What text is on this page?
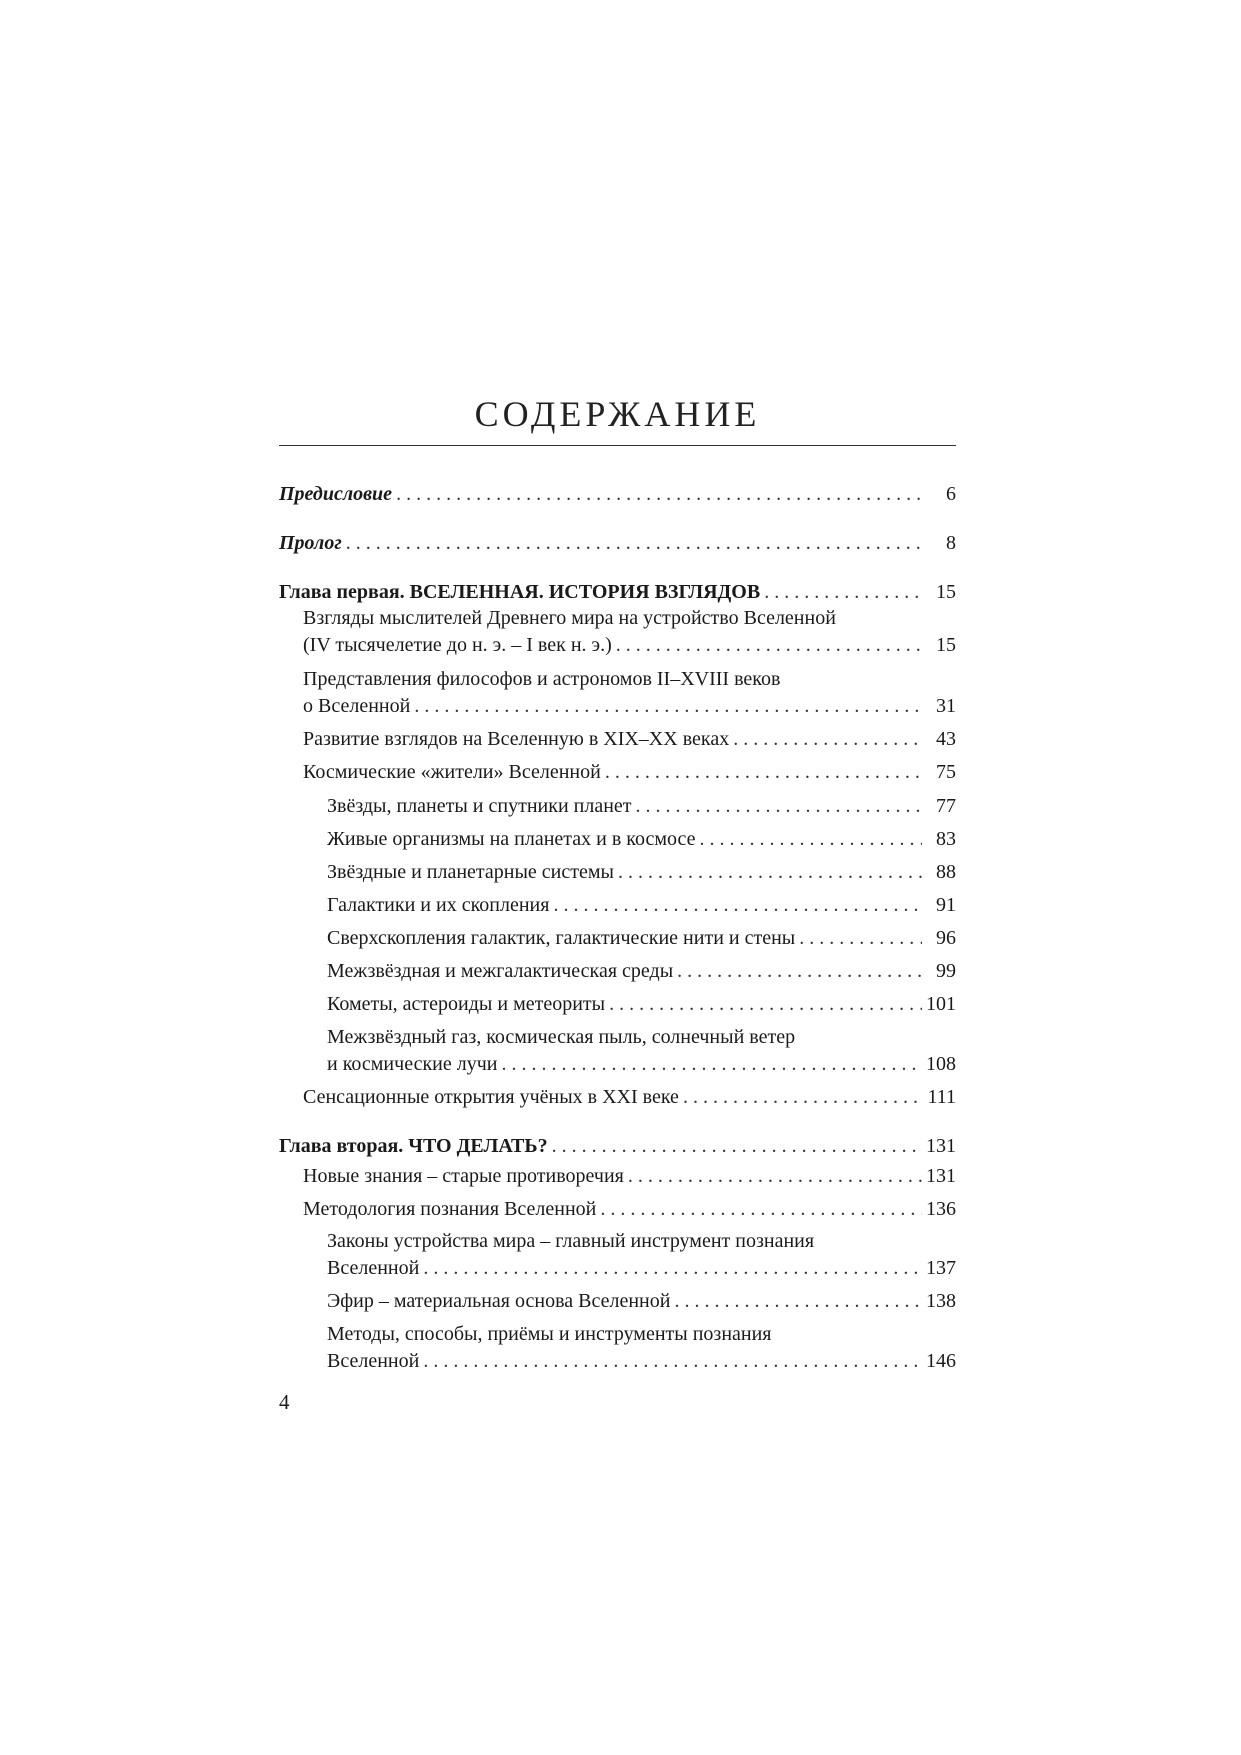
СОДЕРЖАНИЕ
Предисловие . . .	6
Пролог . . .	8
Глава первая. ВСЕЛЕННАЯ. ИСТОРИЯ ВЗГЛЯДОВ . . .	15
Взгляды мыслителей Древнего мира на устройство Вселенной
(IV тысячелетие до н. э. – I век н. э.) . . .	15
Представления философов и астрономов II–XVIII веков
о Вселенной . . .	31
Развитие взглядов на Вселенную в XIX–XX веках . . .	43
Космические «жители» Вселенной . . .	75
Звёзды, планеты и спутники планет . . .	77
Живые организмы на планетах и в космосе . . .	83
Звёздные и планетарные системы . . .	88
Галактики и их скопления . . .	91
Сверхскопления галактик, галактические нити и стены . . .	96
Межзвёздная и межгалактическая среды . . .	99
Кометы, астероиды и метеориты . . .	101
Межзвёздный газ, космическая пыль, солнечный ветер
и космические лучи . . .	108
Сенсационные открытия учёных в XXI веке . . .	111
Глава вторая. ЧТО ДЕЛАТЬ? . . .	131
Новые знания – старые противоречия . . .	131
Методология познания Вселенной . . .	136
Законы устройства мира – главный инструмент познания
Вселенной . . .	137
Эфир – материальная основа Вселенной . . .	138
Методы, способы, приёмы и инструменты познания
Вселенной . . .	146
4
